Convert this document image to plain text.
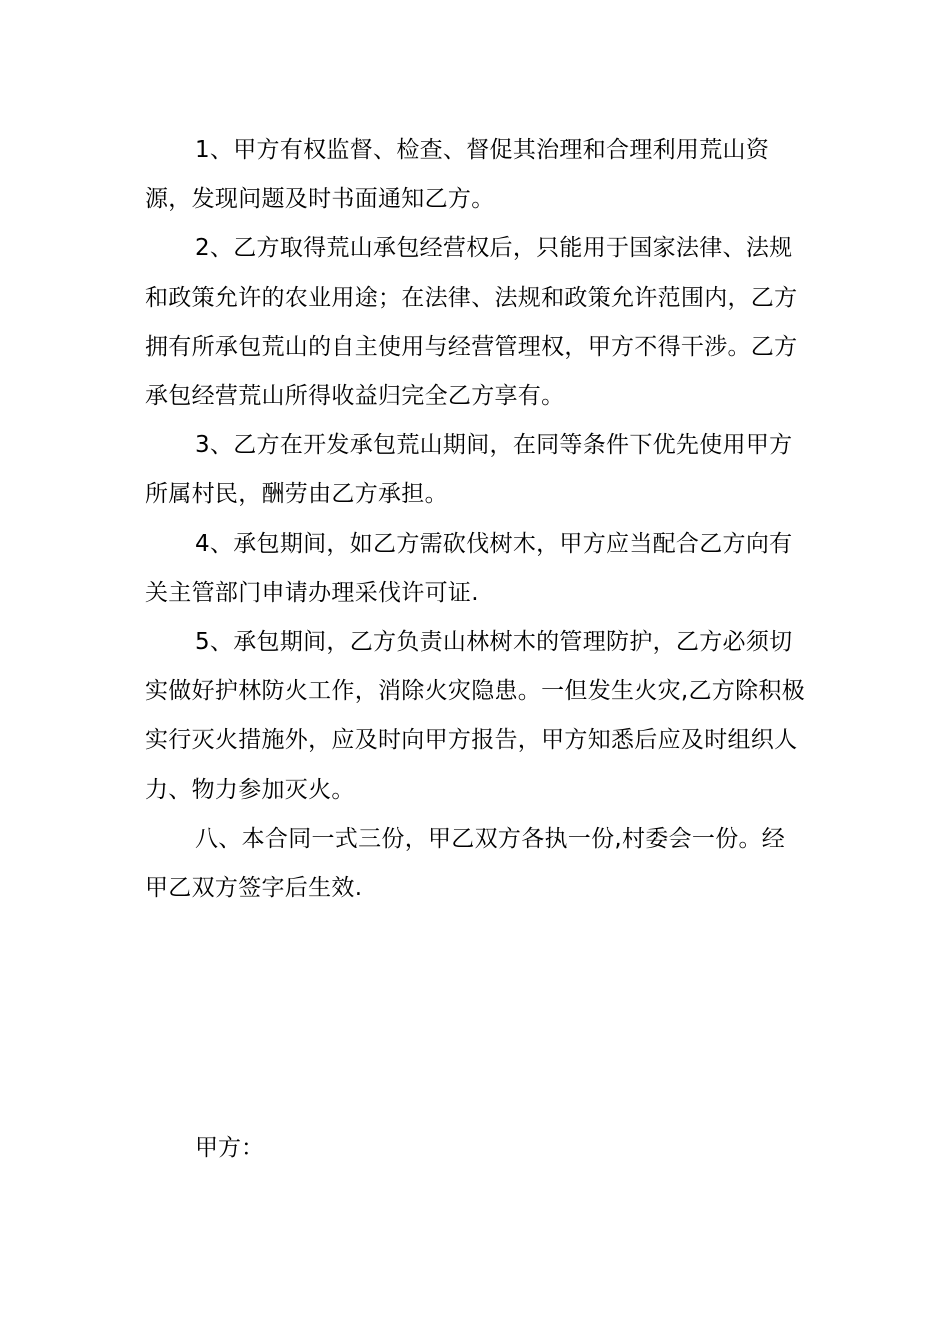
1、甲方有权监督、检查、督促其治理和合理利用荒山资源，发现问题及时书面通知乙方。

2、乙方取得荒山承包经营权后，只能用于国家法律、法规和政策允许的农业用途；在法律、法规和政策允许范围内，乙方拥有所承包荒山的自主使用与经营管理权，甲方不得干涉。乙方承包经营荒山所得收益归完全乙方享有。

3、乙方在开发承包荒山期间，在同等条件下优先使用甲方所属村民，酬劳由乙方承担。

4、承包期间，如乙方需砍伐树木，甲方应当配合乙方向有关主管部门申请办理采伐许可证.

5、承包期间，乙方负责山林树木的管理防护，乙方必须切实做好护林防火工作，消除火灾隐患。一但发生火灾,乙方除积极实行灭火措施外，应及时向甲方报告，甲方知悉后应及时组织人力、物力参加灭火。

八、本合同一式三份，甲乙双方各执一份,村委会一份。经甲乙双方签字后生效.

甲方：
